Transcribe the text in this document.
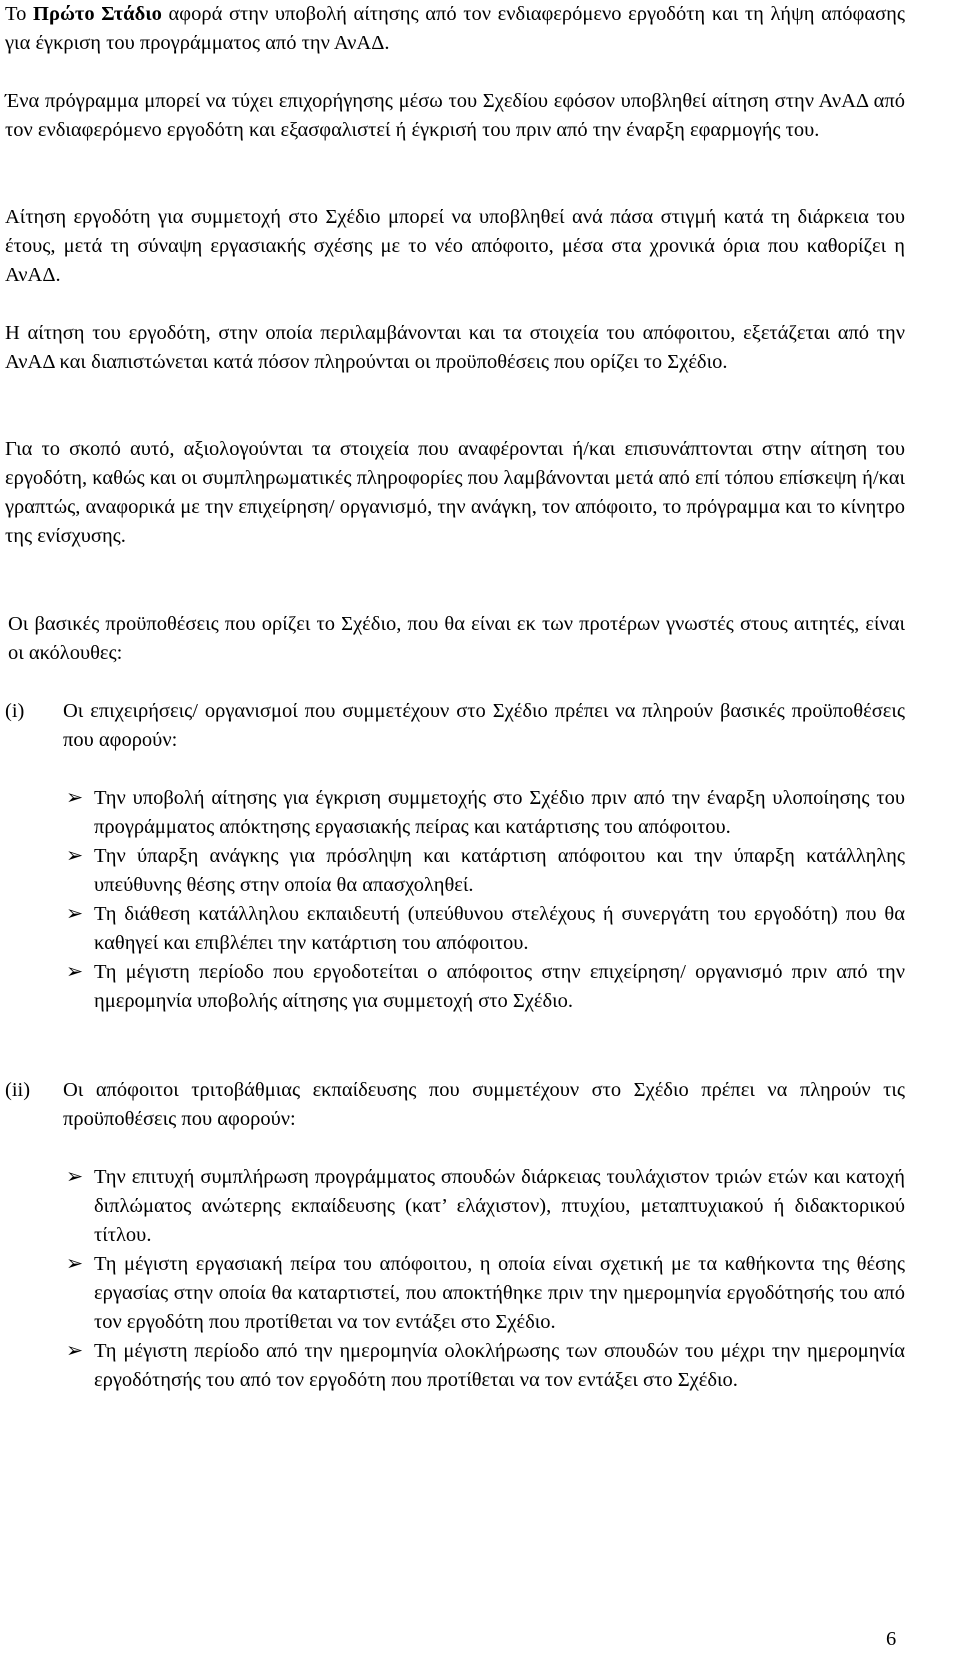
Το Πρώτο Στάδιο αφορά στην υποβολή αίτησης από τον ενδιαφερόμενο εργοδότη και τη λήψη απόφασης για έγκριση του προγράμματος από την ΑνΑΔ.

Ένα πρόγραμμα μπορεί να τύχει επιχορήγησης μέσω του Σχεδίου εφόσον υποβληθεί αίτηση στην ΑνΑΔ από τον ενδιαφερόμενο εργοδότη και εξασφαλιστεί ή έγκρισή του πριν από την έναρξη εφαρμογής του.

Αίτηση εργοδότη για συμμετοχή στο Σχέδιο μπορεί να υποβληθεί ανά πάσα στιγμή κατά τη διάρκεια του έτους, μετά τη σύναψη εργασιακής σχέσης με το νέο απόφοιτο, μέσα στα χρονικά όρια που καθορίζει η ΑνΑΔ.

Η αίτηση του εργοδότη, στην οποία περιλαμβάνονται και τα στοιχεία του απόφοιτου, εξετάζεται από την ΑνΑΔ και διαπιστώνεται κατά πόσον πληρούνται οι προϋποθέσεις που ορίζει το Σχέδιο.

Για το σκοπό αυτό, αξιολογούνται τα στοιχεία που αναφέρονται ή/και επισυνάπτονται στην αίτηση του εργοδότη, καθώς και οι συμπληρωματικές πληροφορίες που λαμβάνονται μετά από επί τόπου επίσκεψη ή/και γραπτώς, αναφορικά με την επιχείρηση/ οργανισμό, την ανάγκη, τον απόφοιτο, το πρόγραμμα και το κίνητρο της ενίσχυσης.

Οι βασικές προϋποθέσεις που ορίζει το Σχέδιο, που θα είναι εκ των προτέρων γνωστές στους αιτητές, είναι οι ακόλουθες:

(i) Οι επιχειρήσεις/ οργανισμοί που συμμετέχουν στο Σχέδιο πρέπει να πληρούν βασικές προϋποθέσεις που αφορούν:

➢ Την υποβολή αίτησης για έγκριση συμμετοχής στο Σχέδιο πριν από την έναρξη υλοποίησης του προγράμματος απόκτησης εργασιακής πείρας και κατάρτισης του απόφοιτου.
➢ Την ύπαρξη ανάγκης για πρόσληψη και κατάρτιση απόφοιτου και την ύπαρξη κατάλληλης υπεύθυνης θέσης στην οποία θα απασχοληθεί.
➢ Τη διάθεση κατάλληλου εκπαιδευτή (υπεύθυνου στελέχους ή συνεργάτη του εργοδότη) που θα καθηγεί και επιβλέπει την κατάρτιση του απόφοιτου.
➢ Τη μέγιστη περίοδο που εργοδοτείται ο απόφοιτος στην επιχείρηση/ οργανισμό πριν από την ημερομηνία υποβολής αίτησης για συμμετοχή στο Σχέδιο.
(ii) Οι απόφοιτοι τριτοβάθμιας εκπαίδευσης που συμμετέχουν στο Σχέδιο πρέπει να πληρούν τις προϋποθέσεις που αφορούν:

➢ Την επιτυχή συμπλήρωση προγράμματος σπουδών διάρκειας τουλάχιστον τριών ετών και κατοχή διπλώματος ανώτερης εκπαίδευσης (κατ’ ελάχιστον), πτυχίου, μεταπτυχιακού ή διδακτορικού τίτλου.
➢ Τη μέγιστη εργασιακή πείρα του απόφοιτου, η οποία είναι σχετική με τα καθήκοντα της θέσης εργασίας στην οποία θα καταρτιστεί, που αποκτήθηκε πριν την ημερομηνία εργοδότησής του από τον εργοδότη που προτίθεται να τον εντάξει στο Σχέδιο.
➢ Τη μέγιστη περίοδο από την ημερομηνία ολοκλήρωσης των σπουδών του μέχρι την ημερομηνία εργοδότησής του από τον εργοδότη που προτίθεται να τον εντάξει στο Σχέδιο.
6
